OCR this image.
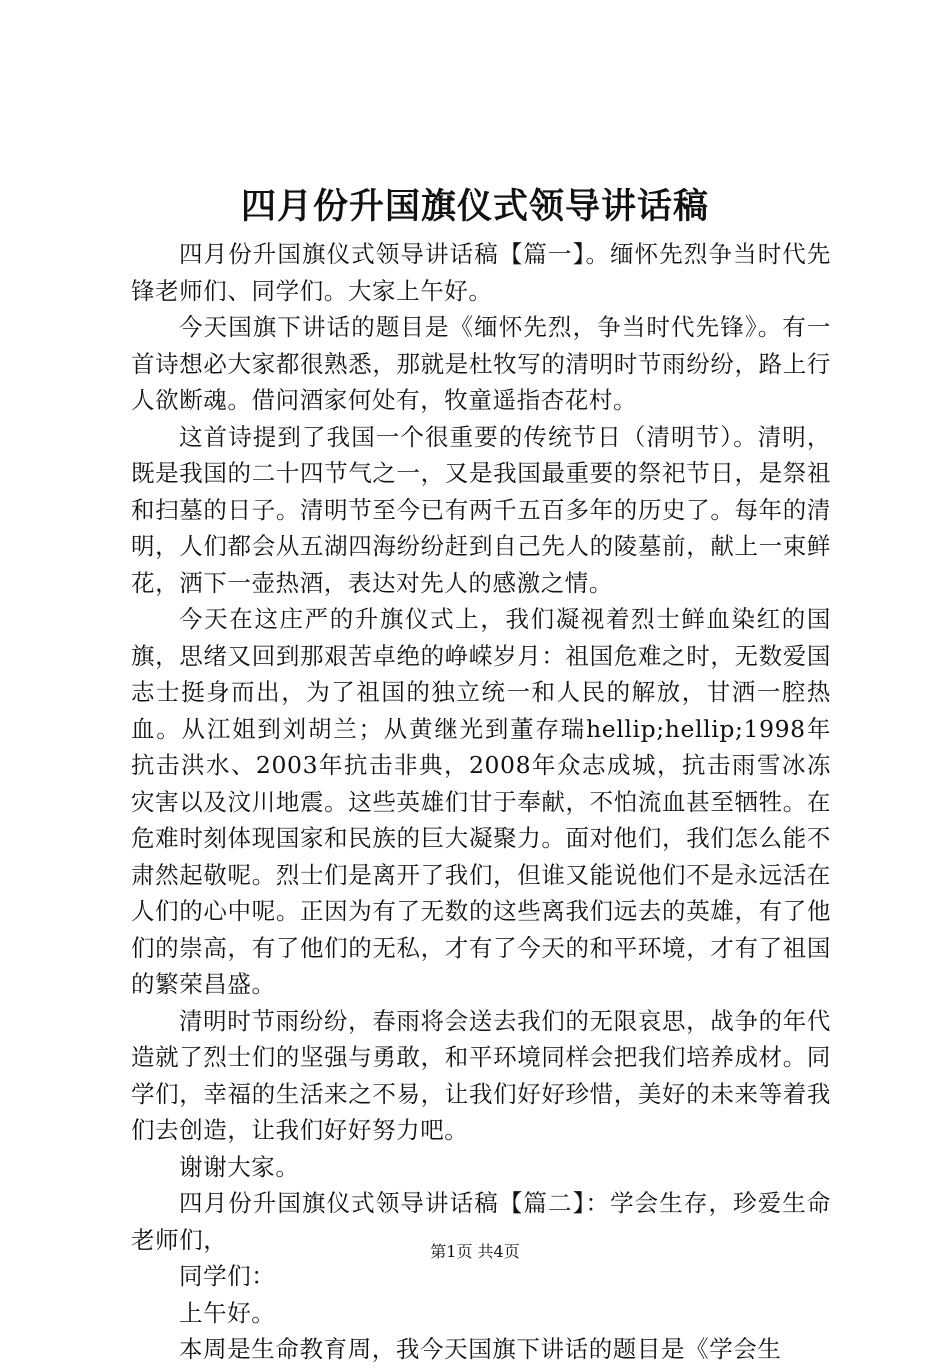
四月份升国旗仪式领导讲话稿

四月份升国旗仪式领导讲话稿【篇一】。缅怀先烈争当时代先锋老师们、同学们。大家上午好。

今天国旗下讲话的题目是《缅怀先烈，争当时代先锋》。有一首诗想必大家都很熟悉，那就是杜牧写的清明时节雨纷纷，路上行人欲断魂。借问酒家何处有，牧童遥指杏花村。

这首诗提到了我国一个很重要的传统节日（清明节）。清明，既是我国的二十四节气之一，又是我国最重要的祭祀节日，是祭祖和扫墓的日子。清明节至今已有两千五百多年的历史了。每年的清明，人们都会从五湖四海纷纷赶到自己先人的陵墓前，献上一束鲜花，洒下一壶热酒，表达对先人的感激之情。

今天在这庄严的升旗仪式上，我们凝视着烈士鲜血染红的国旗，思绪又回到那艰苦卓绝的峥嵘岁月：祖国危难之时，无数爱国志士挺身而出，为了祖国的独立统一和人民的解放，甘洒一腔热血。从江姐到刘胡兰；从黄继光到董存瑞hellip;hellip;1998年抗击洪水、2003年抗击非典，2008年众志成城，抗击雨雪冰冻灾害以及汶川地震。这些英雄们甘于奉献，不怕流血甚至牺牲。在危难时刻体现国家和民族的巨大凝聚力。面对他们，我们怎么能不肃然起敬呢。烈士们是离开了我们，但谁又能说他们不是永远活在人们的心中呢。正因为有了无数的这些离我们远去的英雄，有了他们的崇高，有了他们的无私，才有了今天的和平环境，才有了祖国的繁荣昌盛。

清明时节雨纷纷，春雨将会送去我们的无限哀思，战争的年代造就了烈士们的坚强与勇敢，和平环境同样会把我们培养成材。同学们，幸福的生活来之不易，让我们好好珍惜，美好的未来等着我们去创造，让我们好好努力吧。

谢谢大家。

四月份升国旗仪式领导讲话稿【篇二】：学会生存，珍爱生命老师们，

同学们：

上午好。

本周是生命教育周，我今天国旗下讲话的题目是《学会生

第1页 共4页
